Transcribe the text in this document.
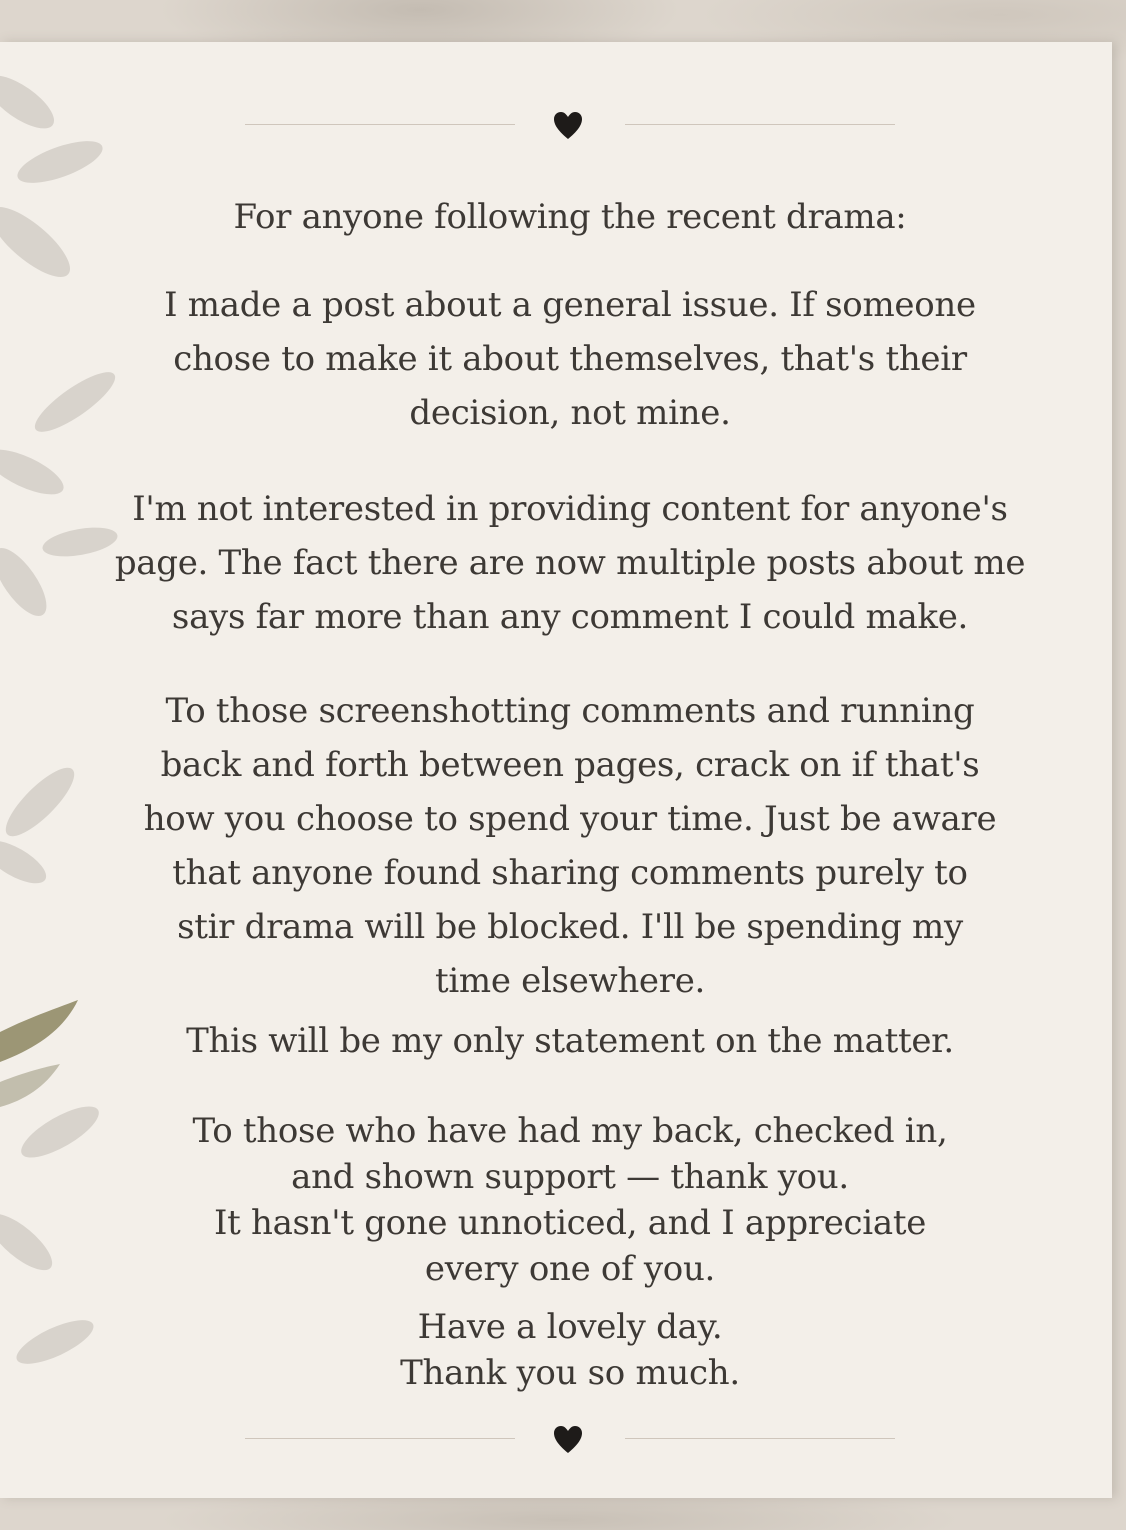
For anyone following the recent drama:

I made a post about a general issue. If someone
chose to make it about themselves, that's their
decision, not mine.

I'm not interested in providing content for anyone's
page. The fact there are now multiple posts about me
says far more than any comment I could make.

To those screenshotting comments and running
back and forth between pages, crack on if that's
how you choose to spend your time. Just be aware
that anyone found sharing comments purely to
stir drama will be blocked. I'll be spending my
time elsewhere.

This will be my only statement on the matter.

To those who have had my back, checked in,
and shown support — thank you.
It hasn't gone unnoticed, and I appreciate
every one of you.

Have a lovely day.
Thank you so much.
